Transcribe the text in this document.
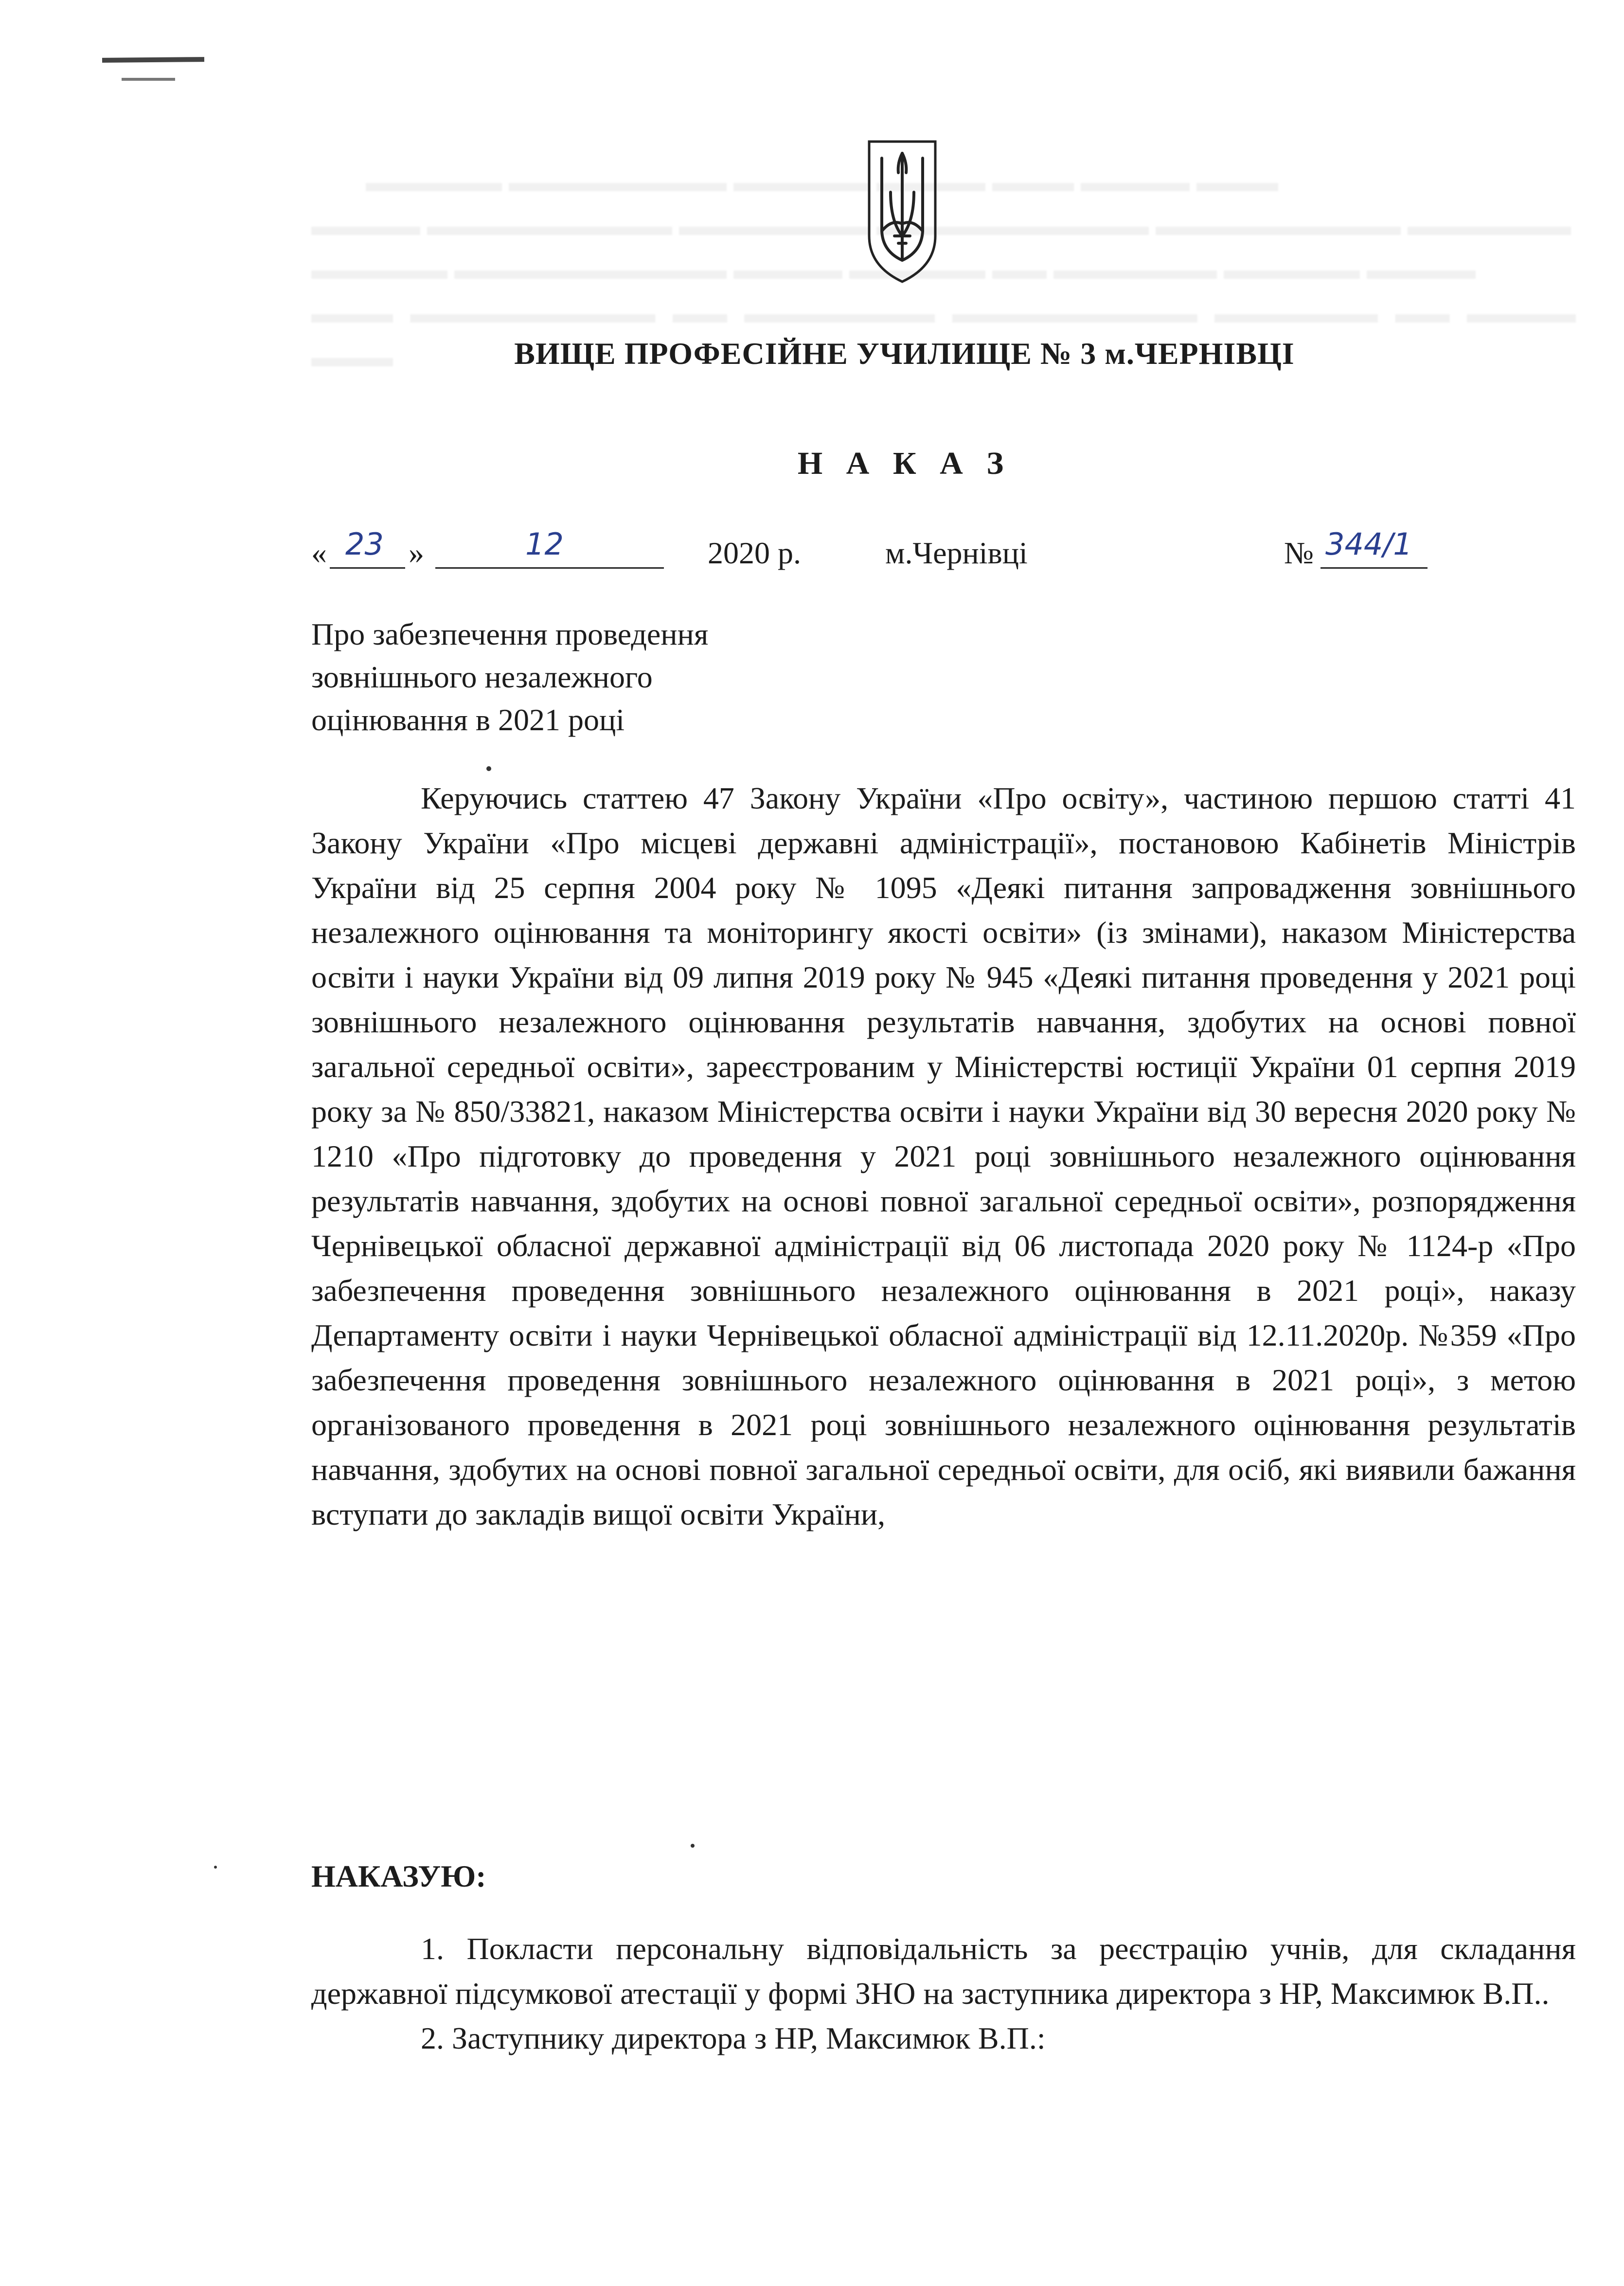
▬▬▬▬▬ ▬▬▬▬▬▬▬▬ ▬▬▬▬▬ ▬▬▬▬ ▬▬▬ ▬▬▬▬ ▬▬▬

▬▬▬▬ ▬▬▬▬▬▬▬▬▬ ▬▬▬▬▬▬▬ ▬▬▬▬▬▬▬▬▬▬ ▬▬▬▬▬▬▬▬▬ ▬▬▬▬▬▬

▬▬▬▬▬ ▬▬▬▬▬▬▬▬▬▬ ▬▬▬▬ ▬▬▬▬▬ ▬▬ ▬▬▬▬▬▬ ▬▬▬▬▬ ▬▬▬▬

▬▬▬ ▬▬▬▬▬▬▬▬▬ ▬▬ ▬▬▬▬▬▬▬ ▬▬▬▬▬▬▬▬▬ ▬▬▬▬▬▬ ▬▬ ▬▬▬▬ ▬▬▬	ВИЩЕ ПРОФЕСІЙНЕ УЧИЛИЩЕ № 3 м.ЧЕРНІВЦІ
Н А К А З
« 23 »	12	2020 р.	м.Чернівці	№ 344/1
Про забезпечення проведення
зовнішнього незалежного
оцінювання в 2021 році

Керуючись статтею 47 Закону України «Про освіту», частиною першою статті 41 Закону України «Про місцеві державні адміністрації», постановою Кабінетів Міністрів України від 25 серпня 2004 року № 1095 «Деякі питання запровадження зовнішнього незалежного оцінювання та моніторингу якості освіти» (із змінами), наказом Міністерства освіти і науки України від 09 липня 2019 року № 945 «Деякі питання проведення у 2021 році зовнішнього незалежного оцінювання результатів навчання, здобутих на основі повної загальної середньої освіти», зареєстрованим у Міністерстві юстиції України 01 серпня 2019 року за № 850/33821, наказом Міністерства освіти і науки України від 30 вересня 2020 року № 1210 «Про підготовку до проведення у 2021 році зовнішнього незалежного оцінювання результатів навчання, здобутих на основі повної загальної середньої освіти», розпорядження Чернівецької обласної державної адміністрації від 06 листопада 2020 року № 1124-р «Про забезпечення проведення зовнішнього незалежного оцінювання в 2021 році», наказу Департаменту освіти і науки Чернівецької обласної адміністрації від 12.11.2020р. №359 «Про забезпечення проведення зовнішнього незалежного оцінювання в 2021 році», з метою організованого проведення в 2021 році зовнішнього незалежного оцінювання результатів навчання, здобутих на основі повної загальної середньої освіти, для осіб, які виявили бажання вступати до закладів вищої освіти України,

НАКАЗУЮ:

1. Покласти персональну відповідальність за реєстрацію учнів, для складання державної підсумкової атестації у формі ЗНО на заступника директора з НР, Максимюк В.П..

2. Заступнику директора з НР, Максимюк В.П.:
